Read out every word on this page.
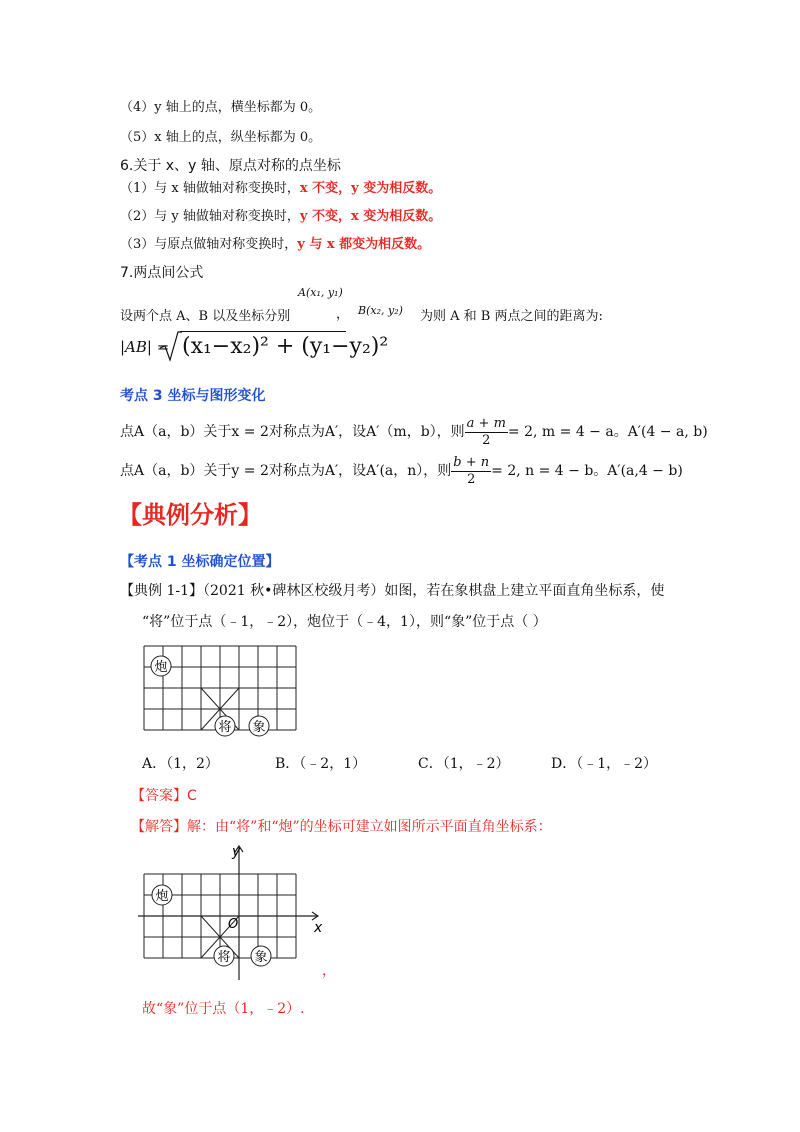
（4）y 轴上的点，横坐标都为 0。
（5）x 轴上的点，纵坐标都为 0。
6.关于 x、y 轴、原点对称的点坐标
（1）与 x 轴做轴对称变换时，x 不变，y 变为相反数。
（2）与 y 轴做轴对称变换时，y 不变，x 变为相反数。
（3）与原点做轴对称变换时，y 与 x 都变为相反数。
7.两点间公式
设两个点 A、B 以及坐标分别
A(x₁, y₁)
， B(x₂, y₂) 为则 A 和 B 两点之间的距离为:
|AB| = (x₁−x₂)² + (y₁−y₂)²
考点 3 坐标与图形变化
点A（a，b）关于x = 2对称点为A′，设A′（m，b），则 $\frac{a + m}{2} = 2$, m = 4 − a。A′(4 − a, b)
点A（a，b）关于y = 2对称点为A′，设A′(a，n），则 $\frac{b + n}{2} = 2$, n = 4 − b。A′(a,4 − b)
【典例分析】
【考点 1 坐标确定位置】
【典例 1-1】（2021 秋•碑林区校级月考）如图，若在象棋盘上建立平面直角坐标系，使
“将”位于点（﹣1，﹣2），炮位于（﹣4，1），则“象”位于点（ ）
炮
将 象
A．（1，2）	B．（﹣2，1）	C．（1，﹣2）	D．（﹣1，﹣2）
【答案】C
【解答】解：由“将”和“炮”的坐标可建立如图所示平面直角坐标系：
x
y
O
炮
将 象
，
故“象”位于点（1，﹣2）.
